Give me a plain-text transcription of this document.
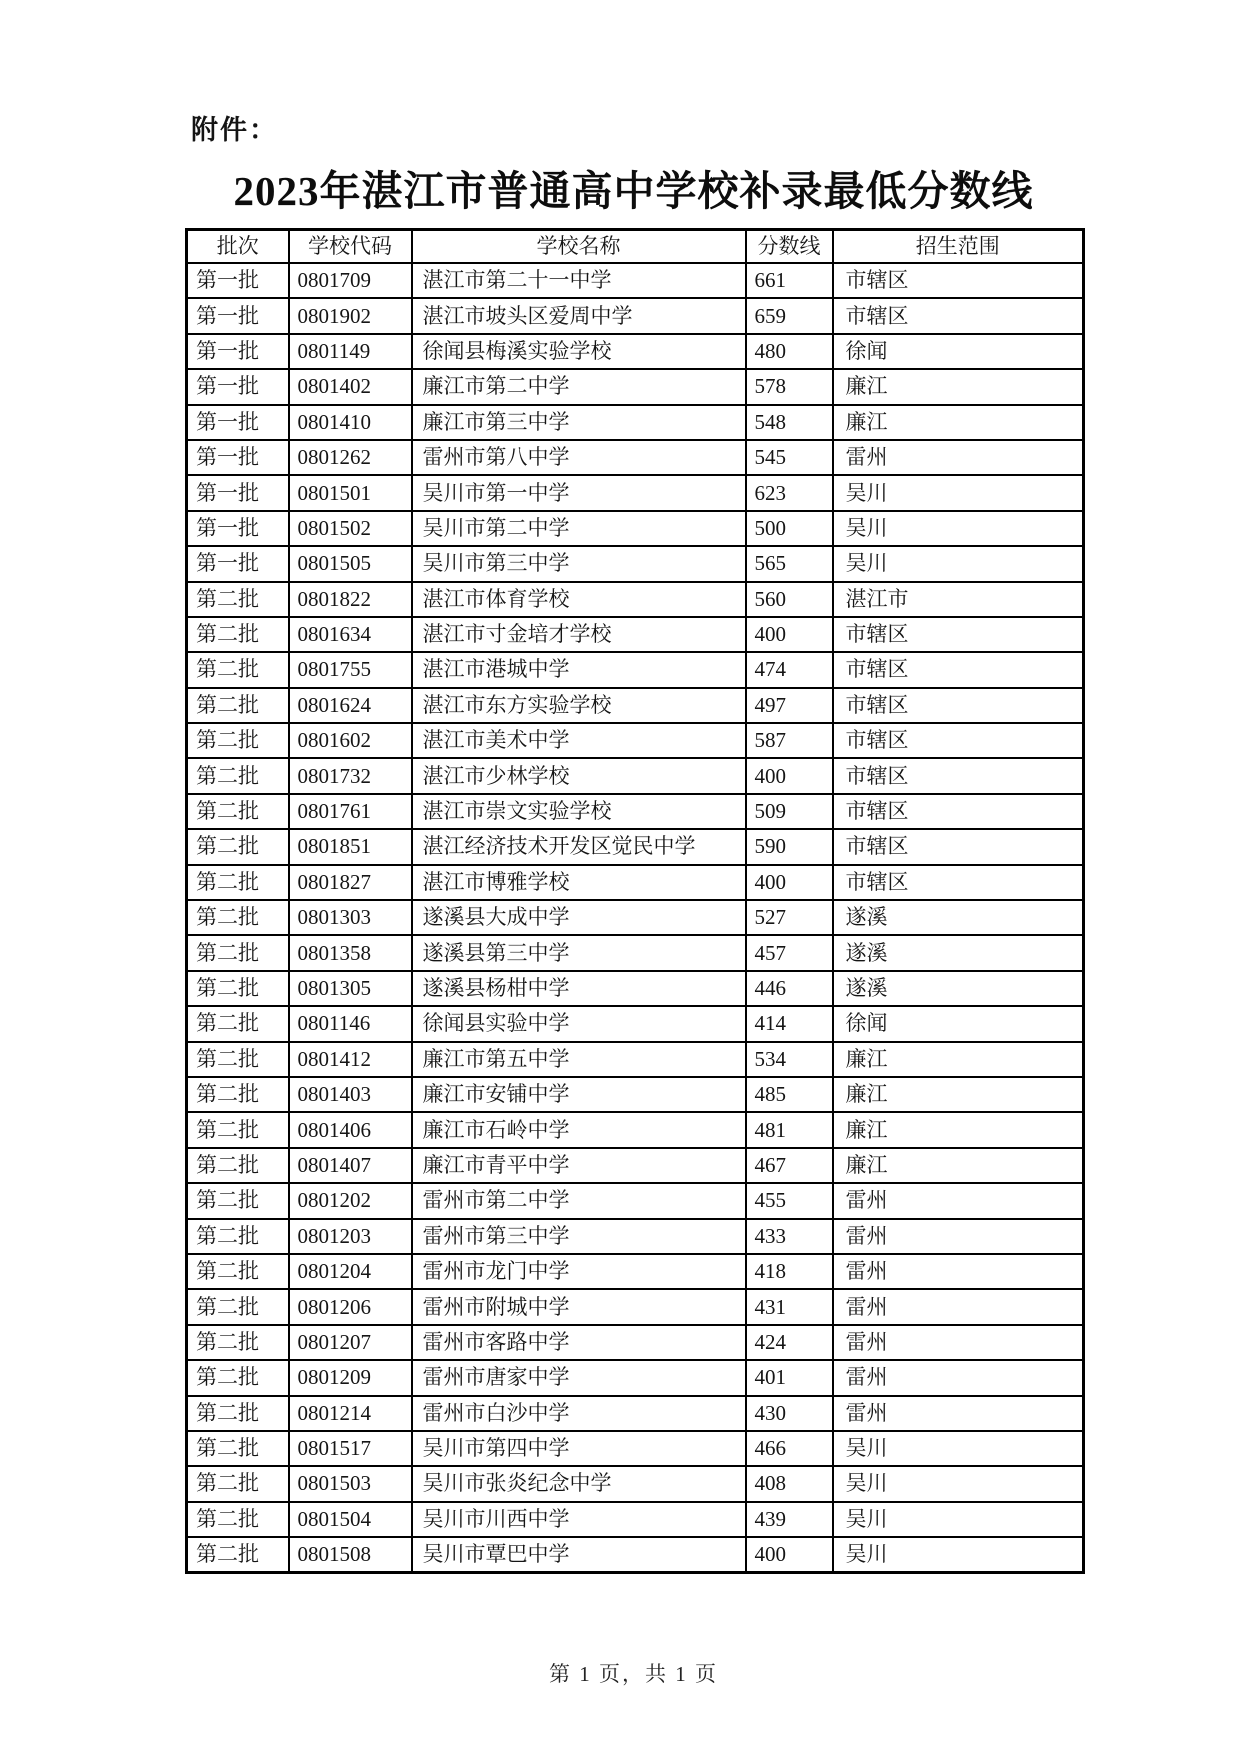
附件：
2023年湛江市普通高中学校补录最低分数线
批次	学校代码	学校名称	分数线	招生范围
第一批	0801709	湛江市第二十一中学	661	市辖区
第一批	0801902	湛江市坡头区爱周中学	659	市辖区
第一批	0801149	徐闻县梅溪实验学校	480	徐闻
第一批	0801402	廉江市第二中学	578	廉江
第一批	0801410	廉江市第三中学	548	廉江
第一批	0801262	雷州市第八中学	545	雷州
第一批	0801501	吴川市第一中学	623	吴川
第一批	0801502	吴川市第二中学	500	吴川
第一批	0801505	吴川市第三中学	565	吴川
第二批	0801822	湛江市体育学校	560	湛江市
第二批	0801634	湛江市寸金培才学校	400	市辖区
第二批	0801755	湛江市港城中学	474	市辖区
第二批	0801624	湛江市东方实验学校	497	市辖区
第二批	0801602	湛江市美术中学	587	市辖区
第二批	0801732	湛江市少林学校	400	市辖区
第二批	0801761	湛江市崇文实验学校	509	市辖区
第二批	0801851	湛江经济技术开发区觉民中学	590	市辖区
第二批	0801827	湛江市博雅学校	400	市辖区
第二批	0801303	遂溪县大成中学	527	遂溪
第二批	0801358	遂溪县第三中学	457	遂溪
第二批	0801305	遂溪县杨柑中学	446	遂溪
第二批	0801146	徐闻县实验中学	414	徐闻
第二批	0801412	廉江市第五中学	534	廉江
第二批	0801403	廉江市安铺中学	485	廉江
第二批	0801406	廉江市石岭中学	481	廉江
第二批	0801407	廉江市青平中学	467	廉江
第二批	0801202	雷州市第二中学	455	雷州
第二批	0801203	雷州市第三中学	433	雷州
第二批	0801204	雷州市龙门中学	418	雷州
第二批	0801206	雷州市附城中学	431	雷州
第二批	0801207	雷州市客路中学	424	雷州
第二批	0801209	雷州市唐家中学	401	雷州
第二批	0801214	雷州市白沙中学	430	雷州
第二批	0801517	吴川市第四中学	466	吴川
第二批	0801503	吴川市张炎纪念中学	408	吴川
第二批	0801504	吴川市川西中学	439	吴川
第二批	0801508	吴川市覃巴中学	400	吴川
第 1 页，共 1 页
